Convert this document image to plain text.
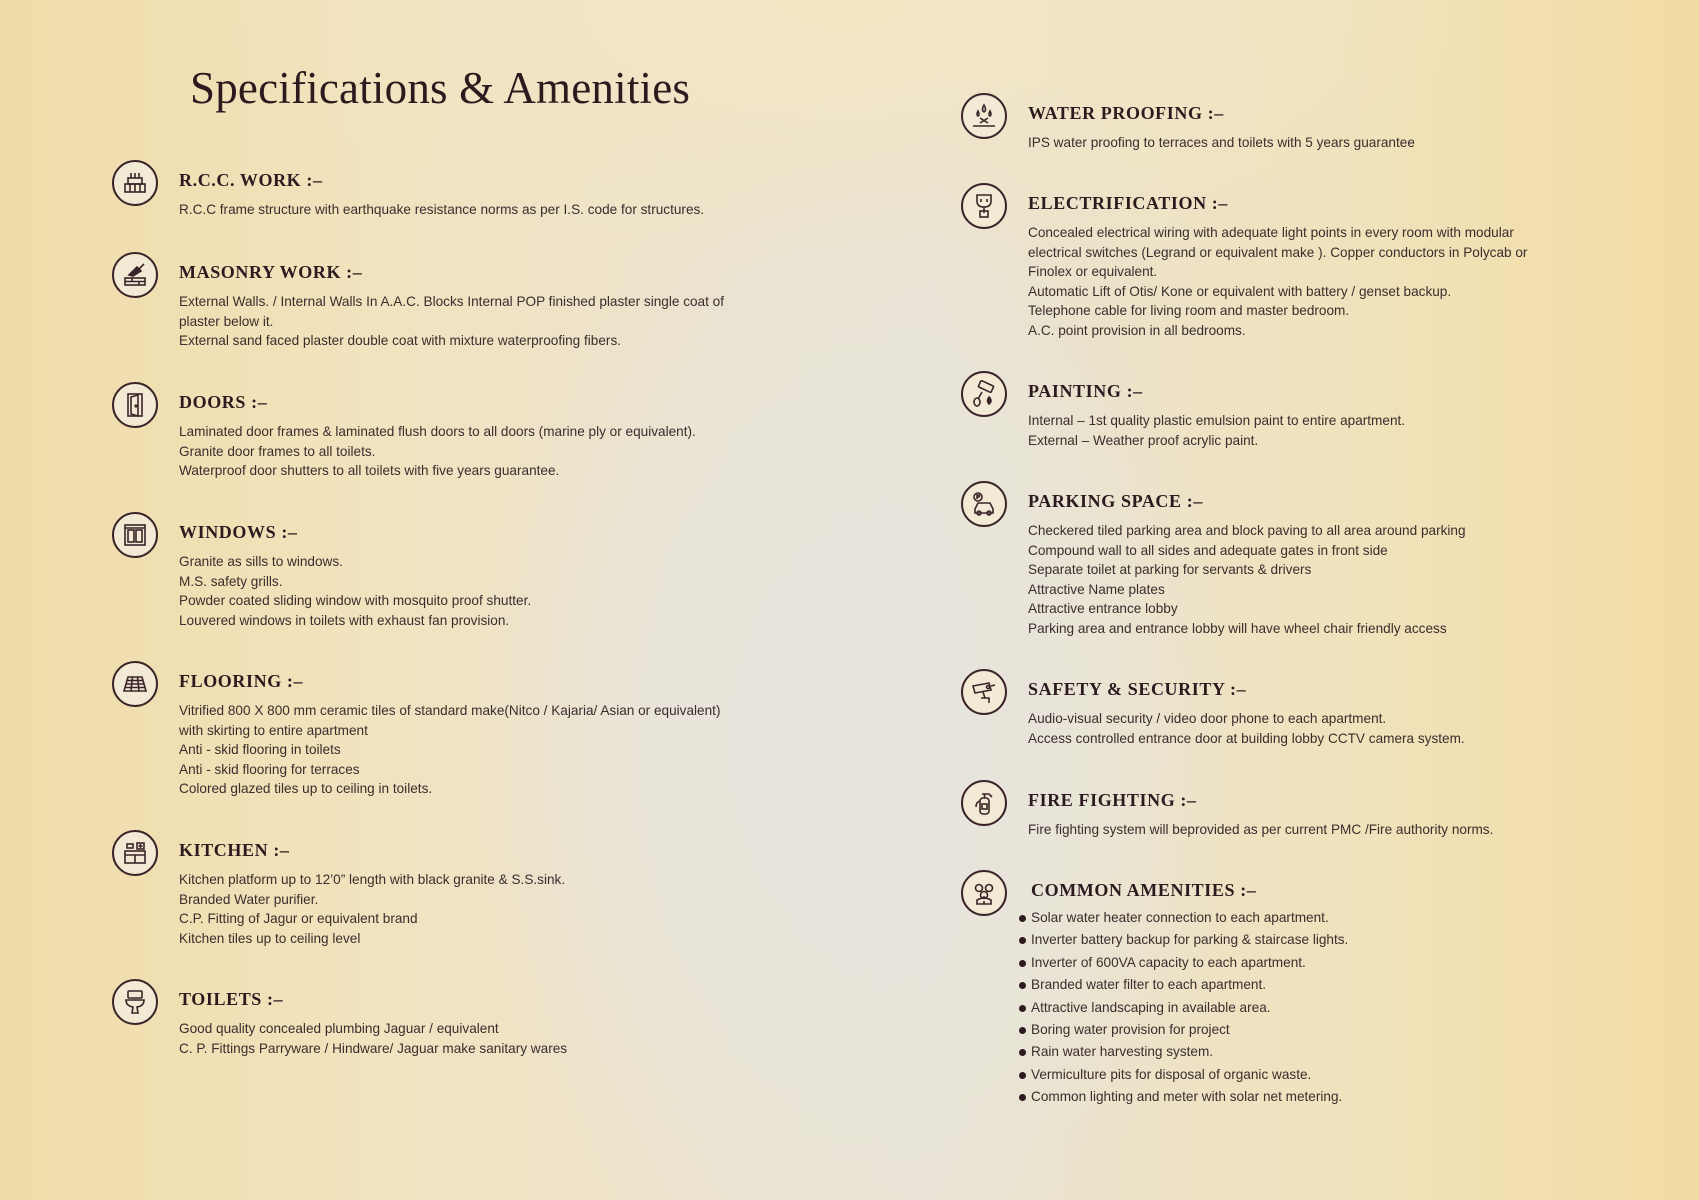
Specifications & Amenities
R.C.C. WORK :–
R.C.C frame structure with earthquake resistance norms as per I.S. code for structures.
MASONRY WORK :–
External Walls. / Internal Walls In A.A.C. Blocks Internal POP finished plaster single coat of
plaster below it.
External sand faced plaster double coat with mixture waterproofing fibers.
DOORS :–
Laminated door frames & laminated flush doors to all doors (marine ply or equivalent).
Granite door frames to all toilets.
Waterproof door shutters to all toilets with five years guarantee.
WINDOWS :–
Granite as sills to windows.
M.S. safety grills.
Powder coated sliding window with mosquito proof shutter.
Louvered windows in toilets with exhaust fan provision.
FLOORING :–
Vitrified 800 X 800 mm ceramic tiles of standard make(Nitco / Kajaria/ Asian or equivalent)
with skirting to entire apartment
Anti - skid flooring in toilets
Anti - skid flooring for terraces
Colored glazed tiles up to ceiling in toilets.
KITCHEN :–
Kitchen platform up to 12’0” length with black granite & S.S.sink.
Branded Water purifier.
C.P. Fitting of Jagur or equivalent brand
Kitchen tiles up to ceiling level
TOILETS :–
Good quality concealed plumbing Jaguar / equivalent
C. P. Fittings Parryware / Hindware/ Jaguar make sanitary wares
WATER PROOFING :–
IPS water proofing to terraces and toilets with 5 years guarantee
ELECTRIFICATION :–
Concealed electrical wiring with adequate light points in every room with modular
electrical switches (Legrand or equivalent make ). Copper conductors in Polycab or
Finolex or equivalent.
Automatic Lift of Otis/ Kone or equivalent with battery / genset backup.
Telephone cable for living room and master bedroom.
A.C. point provision in all bedrooms.
PAINTING :–
Internal – 1st quality plastic emulsion paint to entire apartment.
External – Weather proof acrylic paint.
PARKING SPACE :–
Checkered tiled parking area and block paving to all area around parking
Compound wall to all sides and adequate gates in front side
Separate toilet at parking for servants & drivers
Attractive Name plates
Attractive entrance lobby
Parking area and entrance lobby will have wheel chair friendly access
SAFETY & SECURITY :–
Audio-visual security / video door phone to each apartment.
Access controlled entrance door at building lobby CCTV camera system.
FIRE FIGHTING :–
Fire fighting system will beprovided as per current PMC /Fire authority norms.
COMMON AMENITIES :–
Solar water heater connection to each apartment.
Inverter battery backup for parking & staircase lights.
Inverter of 600VA capacity to each apartment.
Branded water filter to each apartment.
Attractive landscaping in available area.
Boring water provision for project
Rain water harvesting system.
Vermiculture pits for disposal of organic waste.
Common lighting and meter with solar net metering.
